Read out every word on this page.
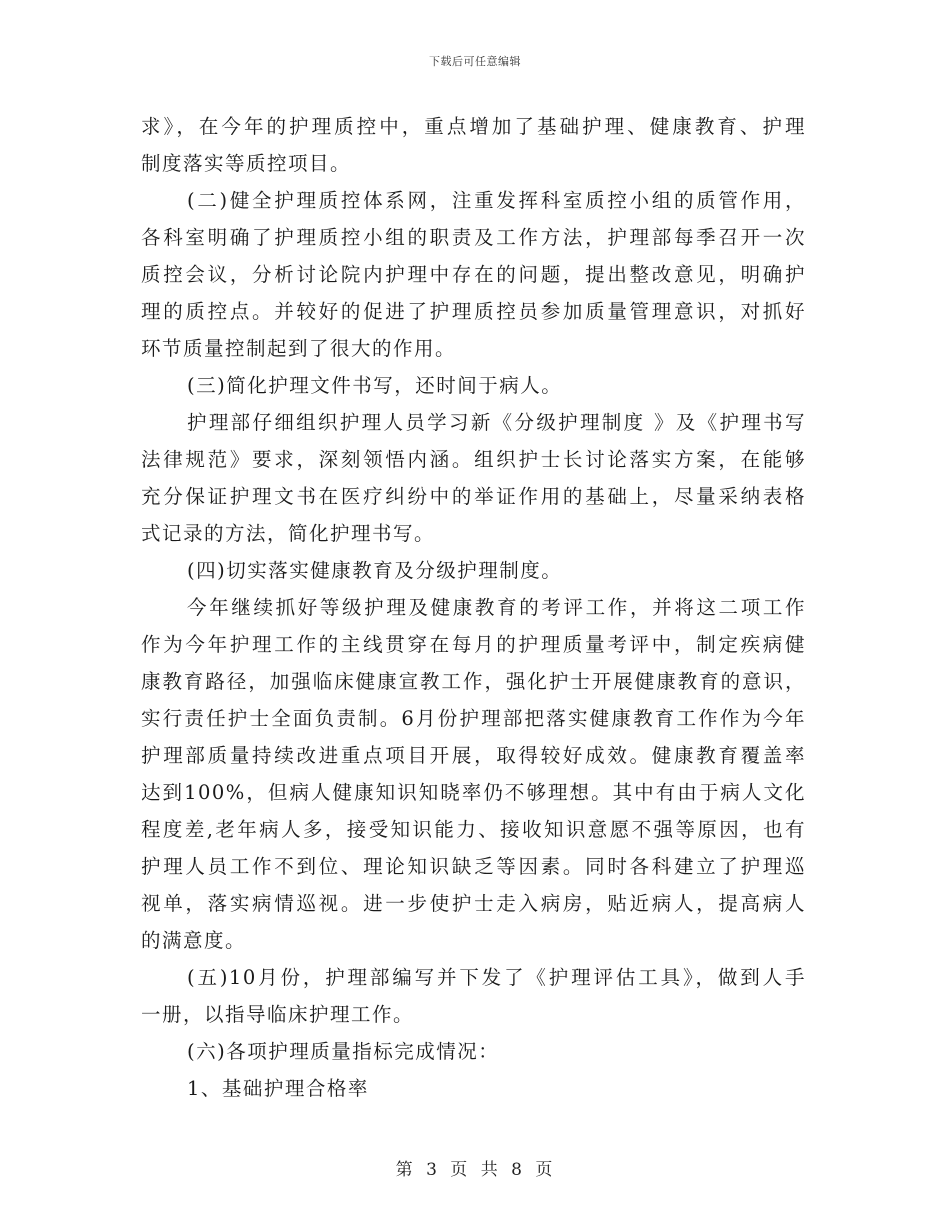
下载后可任意编辑
求》，在今年的护理质控中，重点增加了基础护理、健康教育、护理
制度落实等质控项目。
(二)健全护理质控体系网，注重发挥科室质控小组的质管作用，
各科室明确了护理质控小组的职责及工作方法，护理部每季召开一次
质控会议，分析讨论院内护理中存在的问题，提出整改意见，明确护
理的质控点。并较好的促进了护理质控员参加质量管理意识，对抓好
环节质量控制起到了很大的作用。
(三)简化护理文件书写，还时间于病人。
护理部仔细组织护理人员学习新《分级护理制度 》及《护理书写
法律规范》要求，深刻领悟内涵。组织护士长讨论落实方案，在能够
充分保证护理文书在医疗纠纷中的举证作用的基础上，尽量采纳表格
式记录的方法，简化护理书写。
(四)切实落实健康教育及分级护理制度。
今年继续抓好等级护理及健康教育的考评工作，并将这二项工作
作为今年护理工作的主线贯穿在每月的护理质量考评中，制定疾病健
康教育路径，加强临床健康宣教工作，强化护士开展健康教育的意识，
实行责任护士全面负责制。6月份护理部把落实健康教育工作作为今年
护理部质量持续改进重点项目开展，取得较好成效。健康教育覆盖率
达到100%，但病人健康知识知晓率仍不够理想。其中有由于病人文化
程度差,老年病人多，接受知识能力、接收知识意愿不强等原因，也有
护理人员工作不到位、理论知识缺乏等因素。同时各科建立了护理巡
视单，落实病情巡视。进一步使护士走入病房，贴近病人，提高病人
的满意度。
(五)10月份，护理部编写并下发了《护理评估工具》，做到人手
一册，以指导临床护理工作。
(六)各项护理质量指标完成情况：
1、基础护理合格率
第 3 页 共 8 页
